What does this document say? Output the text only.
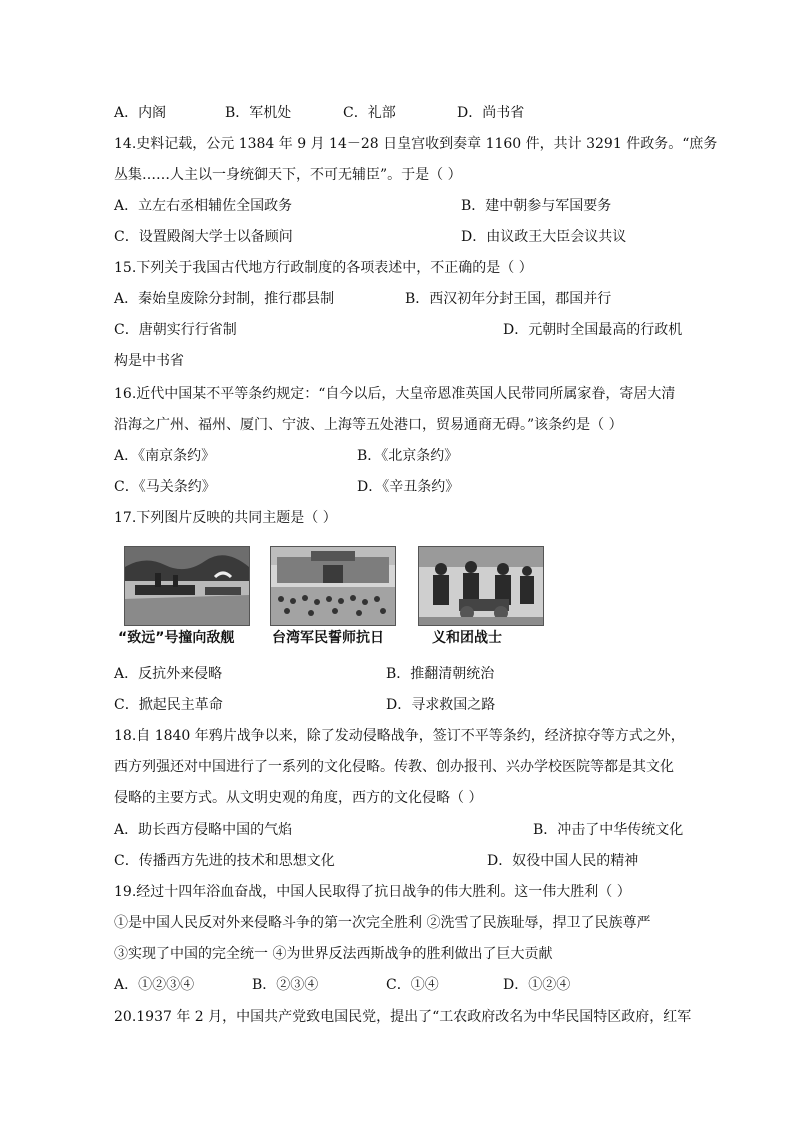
A．内阁	B．军机处	C．礼部	D．尚书省
14.史料记载，公元 1384 年 9 月 14－28 日皇宫收到奏章 1160 件，共计 3291 件政务。“庶务
丛集……人主以一身统御天下，不可无辅臣”。于是（ ）
A．立左右丞相辅佐全国政务	B．建中朝参与军国要务
C．设置殿阁大学士以备顾问	D．由议政王大臣会议共议
15.下列关于我国古代地方行政制度的各项表述中，不正确的是（ ）
A．秦始皇废除分封制，推行郡县制	B．西汉初年分封王国，郡国并行
C．唐朝实行行省制	D．元朝时全国最高的行政机
构是中书省
16.近代中国某不平等条约规定：“自今以后，大皇帝恩准英国人民带同所属家眷，寄居大清
沿海之广州、福州、厦门、宁波、上海等五处港口，贸易通商无碍。”该条约是（ ）
A．《南京条约》	B．《北京条约》
C．《马关条约》	D．《辛丑条约》
17.下列图片反映的共同主题是（ ）
“致远”号撞向敌舰	台湾军民誓师抗日	义和团战士
A．反抗外来侵略	B．推翻清朝统治
C．掀起民主革命	D．寻求救国之路
18.自 1840 年鸦片战争以来，除了发动侵略战争，签订不平等条约，经济掠夺等方式之外，
西方列强还对中国进行了一系列的文化侵略。传教、创办报刊、兴办学校医院等都是其文化
侵略的主要方式。从文明史观的角度，西方的文化侵略（ ）
A．助长西方侵略中国的气焰	B．冲击了中华传统文化
C．传播西方先进的技术和思想文化	D．奴役中国人民的精神
19.经过十四年浴血奋战，中国人民取得了抗日战争的伟大胜利。这一伟大胜利（ ）
①是中国人民反对外来侵略斗争的第一次完全胜利 ②洗雪了民族耻辱，捍卫了民族尊严
③实现了中国的完全统一 ④为世界反法西斯战争的胜利做出了巨大贡献
A．①②③④	B．②③④	C．①④	D．①②④
20.1937 年 2 月，中国共产党致电国民党，提出了“工农政府改名为中华民国特区政府，红军
